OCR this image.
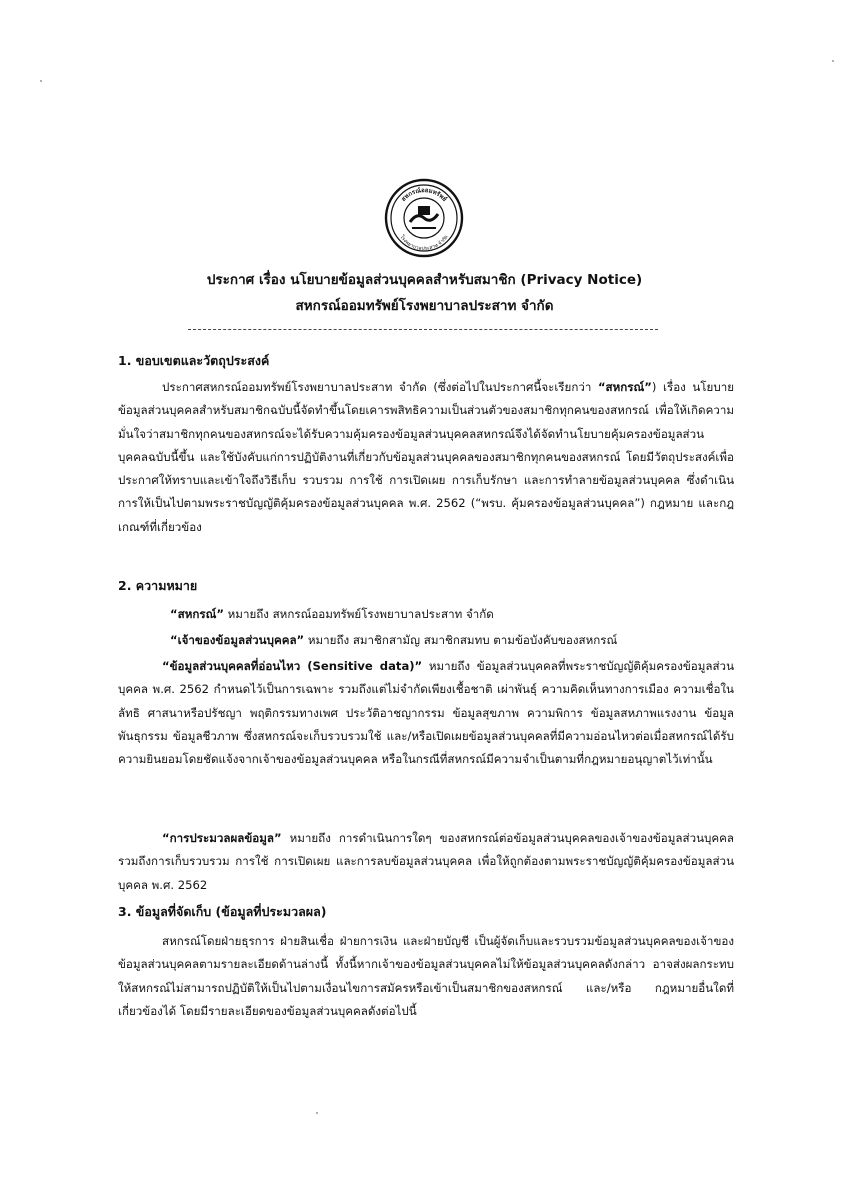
สหกรณ์ออมทรัพย์
โรงพยาบาลประสาท จำกัด
ประกาศ เรื่อง นโยบายข้อมูลส่วนบุคคลสำหรับสมาชิก (Privacy Notice)
สหกรณ์ออมทรัพย์โรงพยาบาลประสาท จำกัด
1. ขอบเขตและวัตถุประสงค์
ประกาศสหกรณ์ออมทรัพย์โรงพยาบาลประสาท จำกัด (ซึ่งต่อไปในประกาศนี้จะเรียกว่า “สหกรณ์”) เรื่อง นโยบายข้อมูลส่วนบุคคลสำหรับสมาชิกฉบับนี้จัดทำขึ้นโดยเคารพสิทธิความเป็นส่วนตัวของสมาชิกทุกคนของสหกรณ์ เพื่อให้เกิดความมั่นใจว่าสมาชิกทุกคนของสหกรณ์จะได้รับความคุ้มครองข้อมูลส่วนบุคคลสหกรณ์จึงได้จัดทำนโยบายคุ้มครองข้อมูลส่วนบุคคลฉบับนี้ขึ้น และใช้บังคับแก่การปฏิบัติงานที่เกี่ยวกับข้อมูลส่วนบุคคลของสมาชิกทุกคนของสหกรณ์ โดยมีวัตถุประสงค์เพื่อประกาศให้ทราบและเข้าใจถึงวิธีเก็บ รวบรวม การใช้ การเปิดเผย การเก็บรักษา และการทำลายข้อมูลส่วนบุคคล ซึ่งดำเนินการให้เป็นไปตามพระราชบัญญัติคุ้มครองข้อมูลส่วนบุคคล พ.ศ. 2562 (“พรบ. คุ้มครองข้อมูลส่วนบุคคล”) กฎหมาย และกฎเกณฑ์ที่เกี่ยวข้อง
2. ความหมาย
“สหกรณ์” หมายถึง สหกรณ์ออมทรัพย์โรงพยาบาลประสาท จำกัด
“เจ้าของข้อมูลส่วนบุคคล” หมายถึง สมาชิกสามัญ สมาชิกสมทบ ตามข้อบังคับของสหกรณ์
“ข้อมูลส่วนบุคคลที่อ่อนไหว (Sensitive data)” หมายถึง ข้อมูลส่วนบุคคลที่พระราชบัญญัติคุ้มครองข้อมูลส่วนบุคคล พ.ศ. 2562 กำหนดไว้เป็นการเฉพาะ รวมถึงแต่ไม่จำกัดเพียงเชื้อชาติ เผ่าพันธุ์ ความคิดเห็นทางการเมือง ความเชื่อในลัทธิ ศาสนาหรือปรัชญา พฤติกรรมทางเพศ ประวัติอาชญากรรม ข้อมูลสุขภาพ ความพิการ ข้อมูลสหภาพแรงงาน ข้อมูลพันธุกรรม ข้อมูลชีวภาพ ซึ่งสหกรณ์จะเก็บรวบรวมใช้ และ/หรือเปิดเผยข้อมูลส่วนบุคคลที่มีความอ่อนไหวต่อเมื่อสหกรณ์ได้รับความยินยอมโดยชัดแจ้งจากเจ้าของข้อมูลส่วนบุคคล หรือในกรณีที่สหกรณ์มีความจำเป็นตามที่กฎหมายอนุญาตไว้เท่านั้น
“การประมวลผลข้อมูล” หมายถึง การดำเนินการใดๆ ของสหกรณ์ต่อข้อมูลส่วนบุคคลของเจ้าของข้อมูลส่วนบุคคล รวมถึงการเก็บรวบรวม การใช้ การเปิดเผย และการลบข้อมูลส่วนบุคคล เพื่อให้ถูกต้องตามพระราชบัญญัติคุ้มครองข้อมูลส่วนบุคคล พ.ศ. 2562
3. ข้อมูลที่จัดเก็บ (ข้อมูลที่ประมวลผล)
สหกรณ์โดยฝ่ายธุรการ ฝ่ายสินเชื่อ ฝ่ายการเงิน และฝ่ายบัญชี เป็นผู้จัดเก็บและรวบรวมข้อมูลส่วนบุคคลของเจ้าของข้อมูลส่วนบุคคลตามรายละเอียดด้านล่างนี้ ทั้งนี้หากเจ้าของข้อมูลส่วนบุคคลไม่ให้ข้อมูลส่วนบุคคลดังกล่าว อาจส่งผลกระทบให้สหกรณ์ไม่สามารถปฏิบัติให้เป็นไปตามเงื่อนไขการสมัครหรือเข้าเป็นสมาชิกของสหกรณ์ และ/หรือ กฎหมายอื่นใดที่เกี่ยวข้องได้ โดยมีรายละเอียดของข้อมูลส่วนบุคคลดังต่อไปนี้
